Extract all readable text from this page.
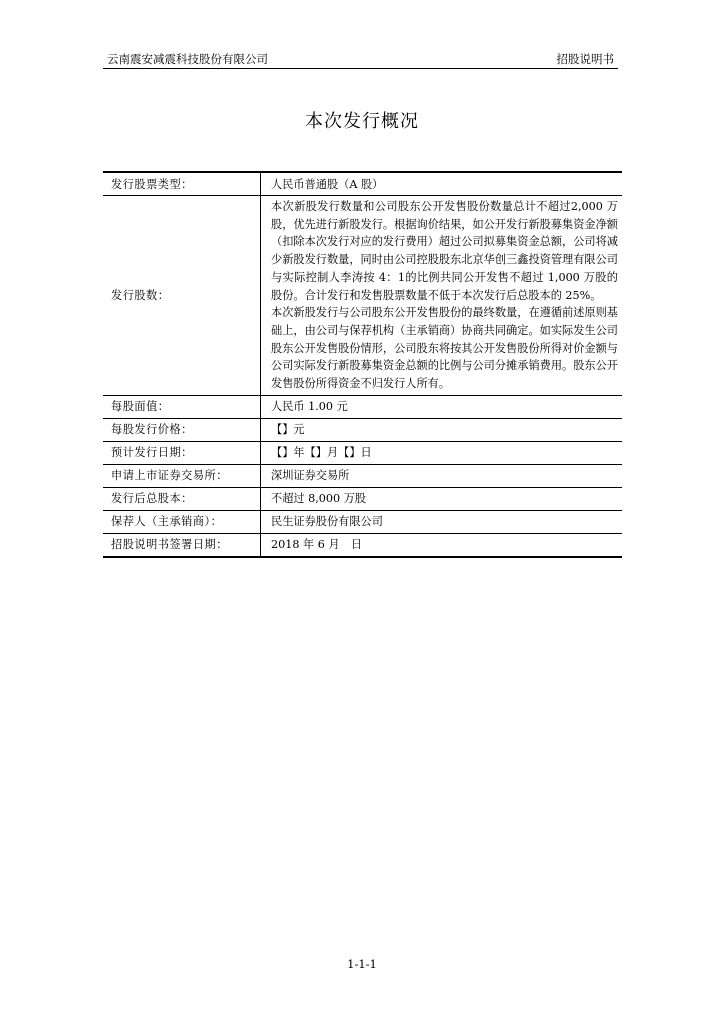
云南震安减震科技股份有限公司	招股说明书
本次发行概况
发行股票类型：	人民币普通股（A 股）
发行股数：	本次新股发行数量和公司股东公开发售股份数量总计不超过2,000 万股，优先进行新股发行。根据询价结果，如公开发行新股募集资金净额（扣除本次发行对应的发行费用）超过公司拟募集资金总额，公司将减少新股发行数量，同时由公司控股股东北京华创三鑫投资管理有限公司与实际控制人李涛按 4：1的比例共同公开发售不超过 1,000 万股的股份。合计发行和发售股票数量不低于本次发行后总股本的 25%。
本次新股发行与公司股东公开发售股份的最终数量，在遵循前述原则基础上，由公司与保荐机构（主承销商）协商共同确定。如实际发生公司股东公开发售股份情形，公司股东将按其公开发售股份所得对价金额与公司实际发行新股募集资金总额的比例与公司分摊承销费用。股东公开发售股份所得资金不归发行人所有。

每股面值：	人民币 1.00 元
每股发行价格：	【】元
预计发行日期：	【】年【】月【】日
申请上市证券交易所：	深圳证券交易所
发行后总股本：	不超过 8,000 万股
保荐人（主承销商）：	民生证券股份有限公司
招股说明书签署日期：	2018 年 6 月　日
1-1-1
